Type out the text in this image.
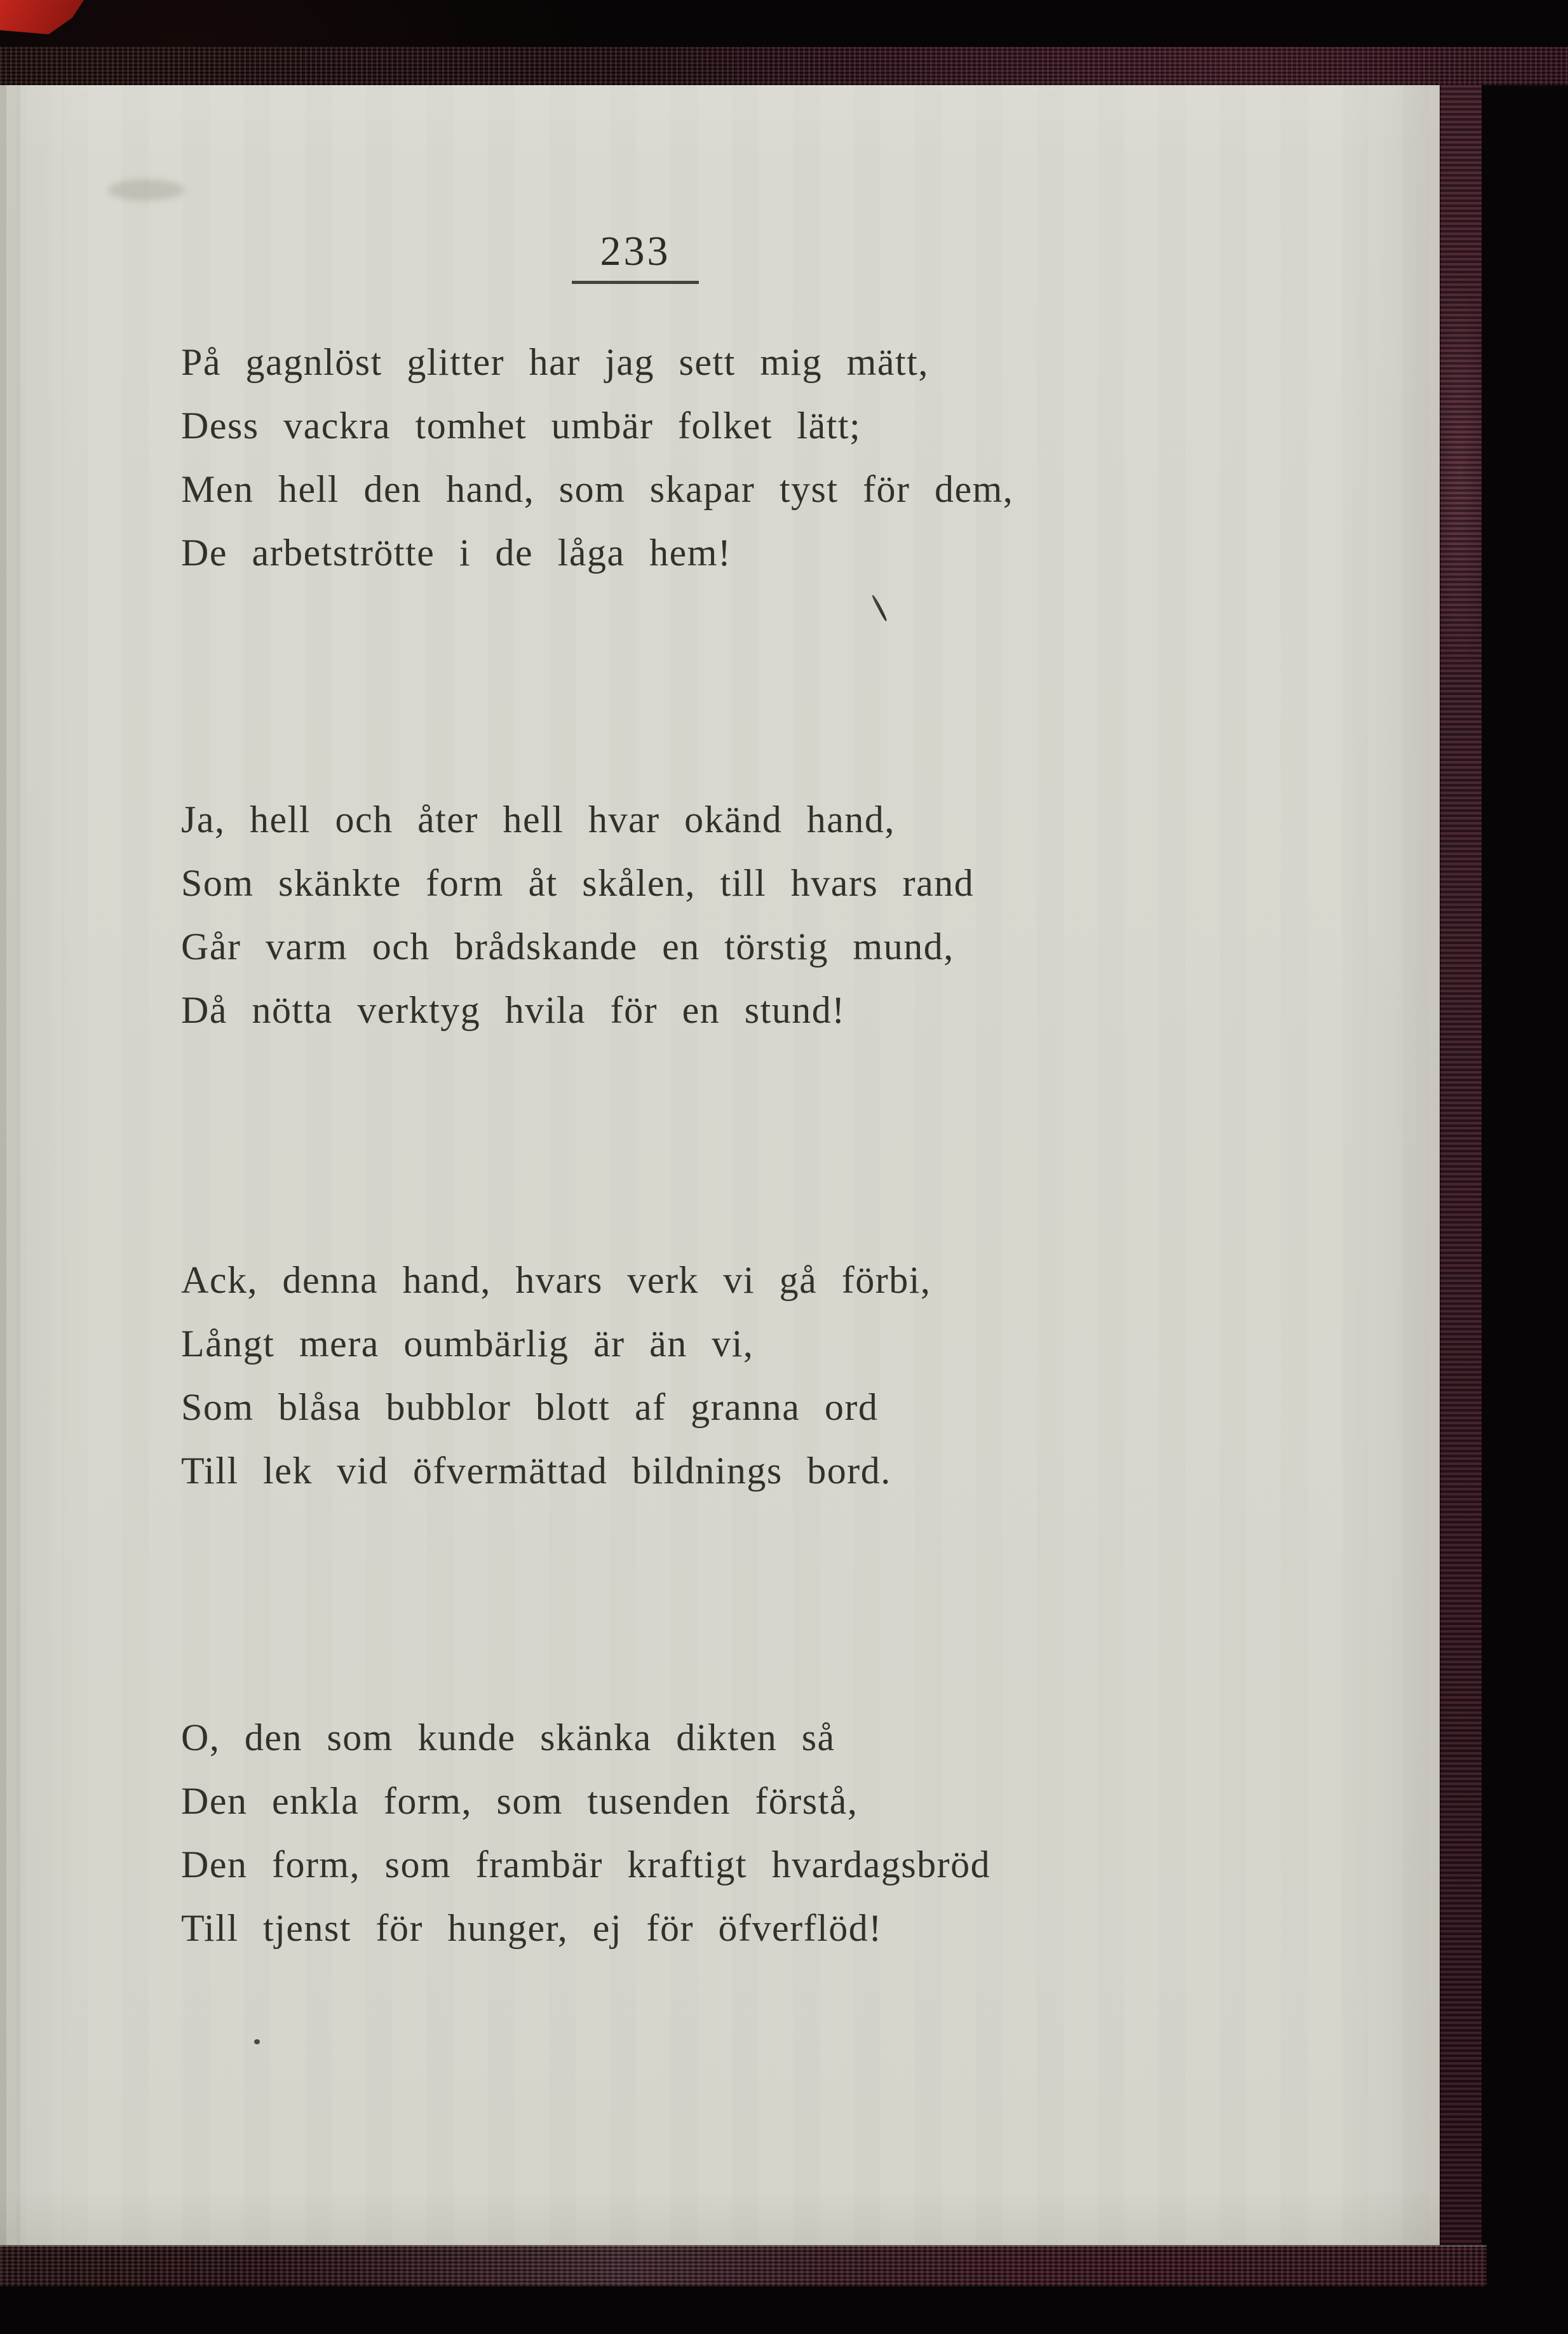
233
På gagnlöst glitter har jag sett mig mätt,
Dess vackra tomhet umbär folket lätt;
Men hell den hand, som skapar tyst för dem,
De arbetströtte i de låga hem!
Ja, hell och åter hell hvar okänd hand,
Som skänkte form åt skålen, till hvars rand
Går varm och brådskande en törstig mund,
Då nötta verktyg hvila för en stund!
Ack, denna hand, hvars verk vi gå förbi,
Långt mera oumbärlig är än vi,
Som blåsa bubblor blott af granna ord
Till lek vid öfvermättad bildnings bord.
O, den som kunde skänka dikten så
Den enkla form, som tusenden förstå,
Den form, som frambär kraftigt hvardagsbröd
Till tjenst för hunger, ej för öfverflöd!
